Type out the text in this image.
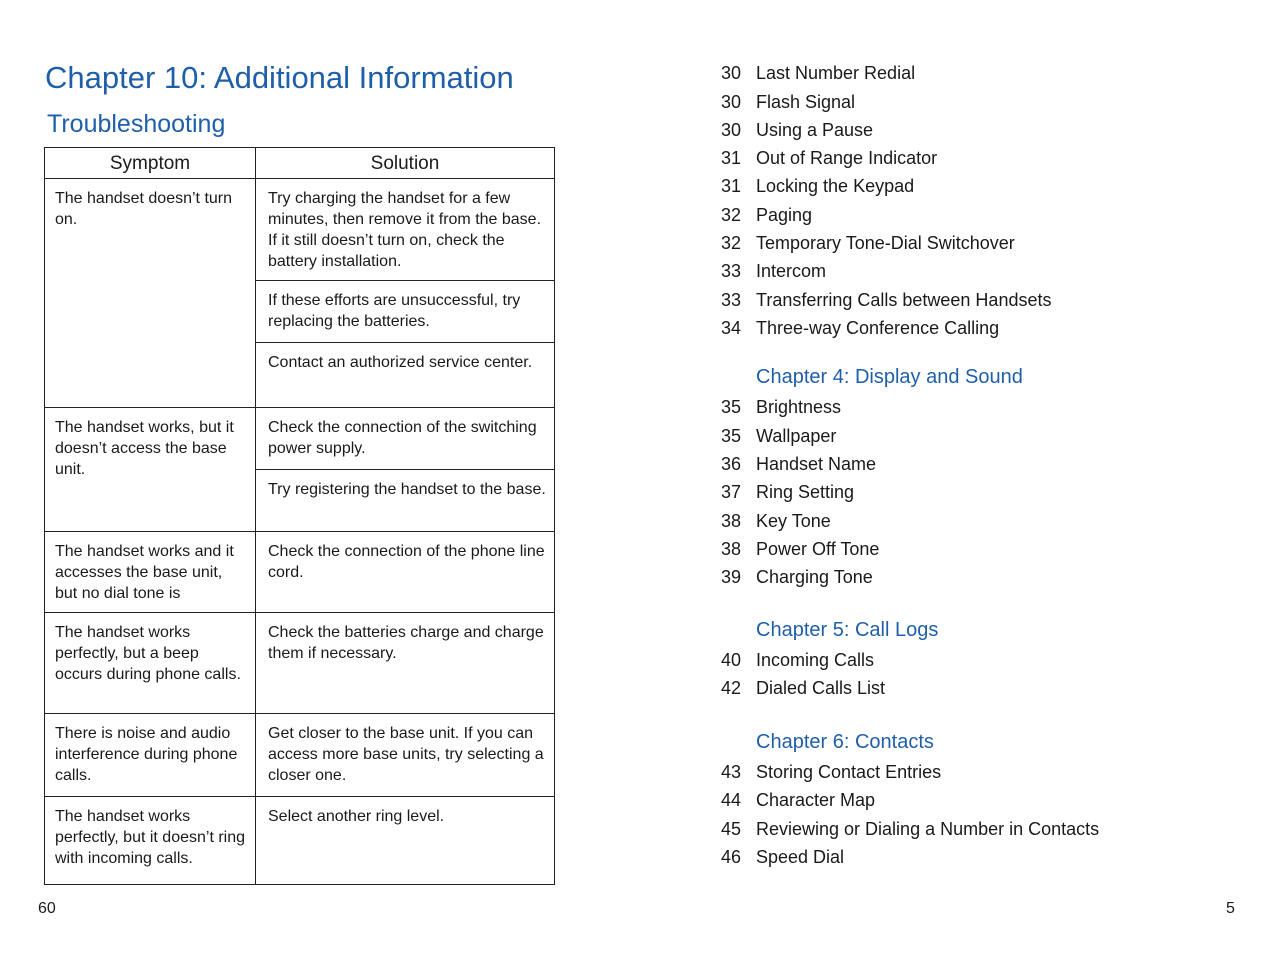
Chapter 10: Additional Information
Troubleshooting
Symptom	Solution
The handset doesn’t turn on.	Try charging the handset for a few minutes, then remove it from the base. If it still doesn’t turn on, check the battery installation.
	If these efforts are unsuccessful, try replacing the batteries.
	Contact an authorized service center.
The handset works, but it doesn’t access the base unit.	Check the connection of the switching power supply.
	Try registering the handset to the base.
The handset works and it accesses the base unit, but no dial tone is	Check the connection of the phone line cord.
The handset works perfectly, but a beep occurs during phone calls.	Check the batteries charge and charge them if necessary.
There is noise and audio interference during phone calls.	Get closer to the base unit. If you can access more base units, try selecting a closer one.
The handset works perfectly, but it doesn’t ring with incoming calls.	Select another ring level.
60
30 Last Number Redial
30 Flash Signal
30 Using a Pause
31 Out of Range Indicator
31 Locking the Keypad
32 Paging
32 Temporary Tone-Dial Switchover
33 Intercom
33 Transferring Calls between Handsets
34 Three-way Conference Calling
Chapter 4: Display and Sound
35 Brightness
35 Wallpaper
36 Handset Name
37 Ring Setting
38 Key Tone
38 Power Off Tone
39 Charging Tone
Chapter 5: Call Logs
40 Incoming Calls
42 Dialed Calls List
Chapter 6: Contacts
43 Storing Contact Entries
44 Character Map
45 Reviewing or Dialing a Number in Contacts
46 Speed Dial
5
